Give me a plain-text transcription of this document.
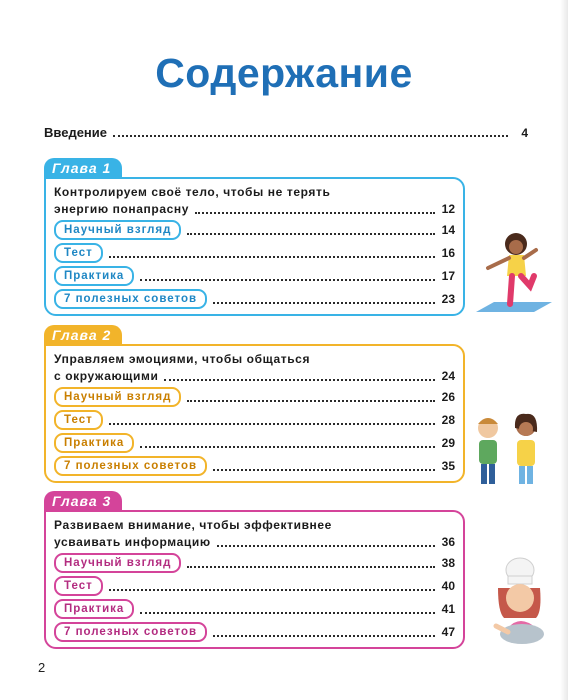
Содержание
Введение	4
Глава 1
Контролируем своё тело, чтобы не терять
энергию понапрасну	12
Научный взгляд	14
Тест	16
Практика	17
7 полезных советов	23
Глава 2
Управляем эмоциями, чтобы общаться
с окружающими	24
Научный взгляд	26
Тест	28
Практика	29
7 полезных советов	35
Глава 3
Развиваем внимание, чтобы эффективнее
усваивать информацию	36
Научный взгляд	38
Тест	40
Практика	41
7 полезных советов	47
2
